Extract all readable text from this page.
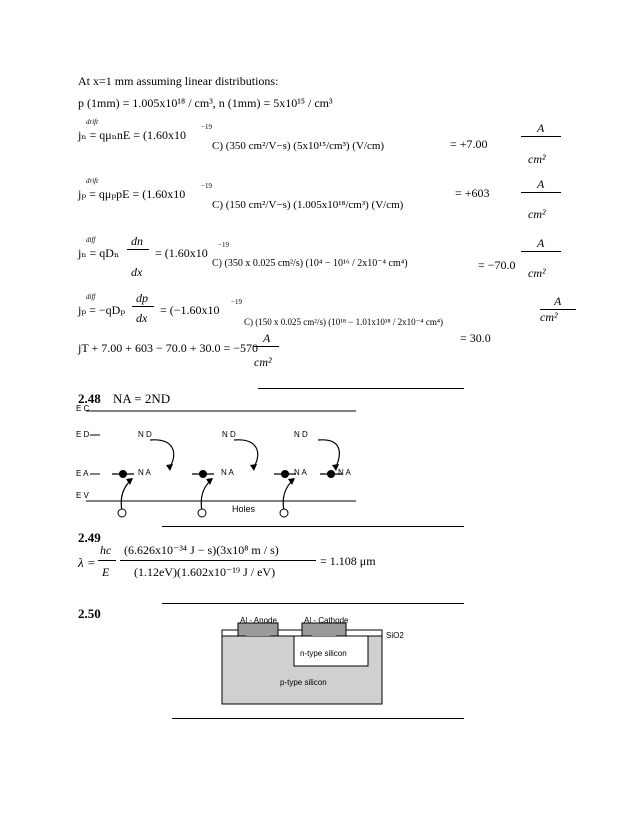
At x=1 mm assuming linear distributions:
p (1mm) = 1.005x10¹⁸ / cm³, n (1mm) = 5x10¹⁵ / cm³
drift
jₙ = qμₙnE = (1.60x10
−19
C) (350 cm²/V−s) (5x10¹⁵/cm³) (V/cm)	= +7.00
A
cm²
drift
jₚ = qμₚpE = (1.60x10
−19
C) (150 cm²/V−s) (1.005x10¹⁸/cm³) (V/cm)
= +603
A
cm²
diff
jₙ = qDₙ
dn
dx
= (1.60x10
−19
C) (350 x 0.025 cm²/s) (10⁴ − 10¹⁶ / 2x10⁻⁴ cm⁴)	= −70.0
A
cm²
diff
jₚ = −qDₚ
dp
dx
= (−1.60x10
−19
C) (150 x 0.025 cm²/s) (10¹⁸ − 1.01x10¹⁸ / 2x10⁻⁴ cm⁴)
= 30.0
A
cm²
jT + 7.00 + 603 − 70.0 + 30.0 = −570
A
cm²
2.48 NA = 2ND
E C
E D
E A
E V
N D	N D	N D
N A	N A	N A	N A
Holes
2.49
λ =
hc
E
(6.626x10⁻³⁴ J − s)(3x10⁸ m / s)
(1.12eV)(1.602x10⁻¹⁹ J / eV)
= 1.108 μm
2.50	Al - Anode	Al - Cathode
SiO2
n-type silicon
p-type silicon
